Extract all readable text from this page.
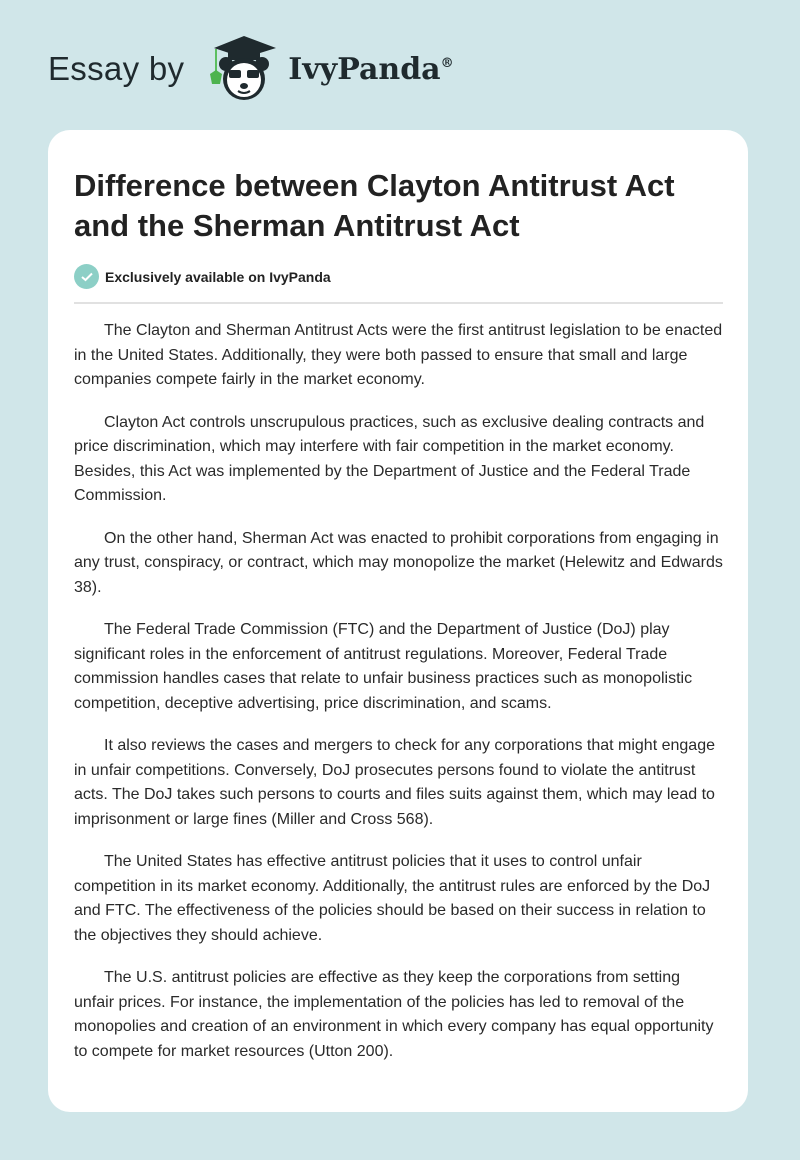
Essay by	IvyPanda®
Difference between Clayton Antitrust Act and the Sherman Antitrust Act
Exclusively available on IvyPanda

The Clayton and Sherman Antitrust Acts were the first antitrust legislation to be enacted in the United States. Additionally, they were both passed to ensure that small and large companies compete fairly in the market economy.

Clayton Act controls unscrupulous practices, such as exclusive dealing contracts and price discrimination, which may interfere with fair competition in the market economy. Besides, this Act was implemented by the Department of Justice and the Federal Trade Commission.

On the other hand, Sherman Act was enacted to prohibit corporations from engaging in any trust, conspiracy, or contract, which may monopolize the market (Helewitz and Edwards 38).

The Federal Trade Commission (FTC) and the Department of Justice (DoJ) play significant roles in the enforcement of antitrust regulations. Moreover, Federal Trade commission handles cases that relate to unfair business practices such as monopolistic competition, deceptive advertising, price discrimination, and scams.

It also reviews the cases and mergers to check for any corporations that might engage in unfair competitions. Conversely, DoJ prosecutes persons found to violate the antitrust acts. The DoJ takes such persons to courts and files suits against them, which may lead to imprisonment or large fines (Miller and Cross 568).

The United States has effective antitrust policies that it uses to control unfair competition in its market economy. Additionally, the antitrust rules are enforced by the DoJ and FTC. The effectiveness of the policies should be based on their success in relation to the objectives they should achieve.

The U.S. antitrust policies are effective as they keep the corporations from setting unfair prices. For instance, the implementation of the policies has led to removal of the monopolies and creation of an environment in which every company has equal opportunity to compete for market resources (Utton 200).
